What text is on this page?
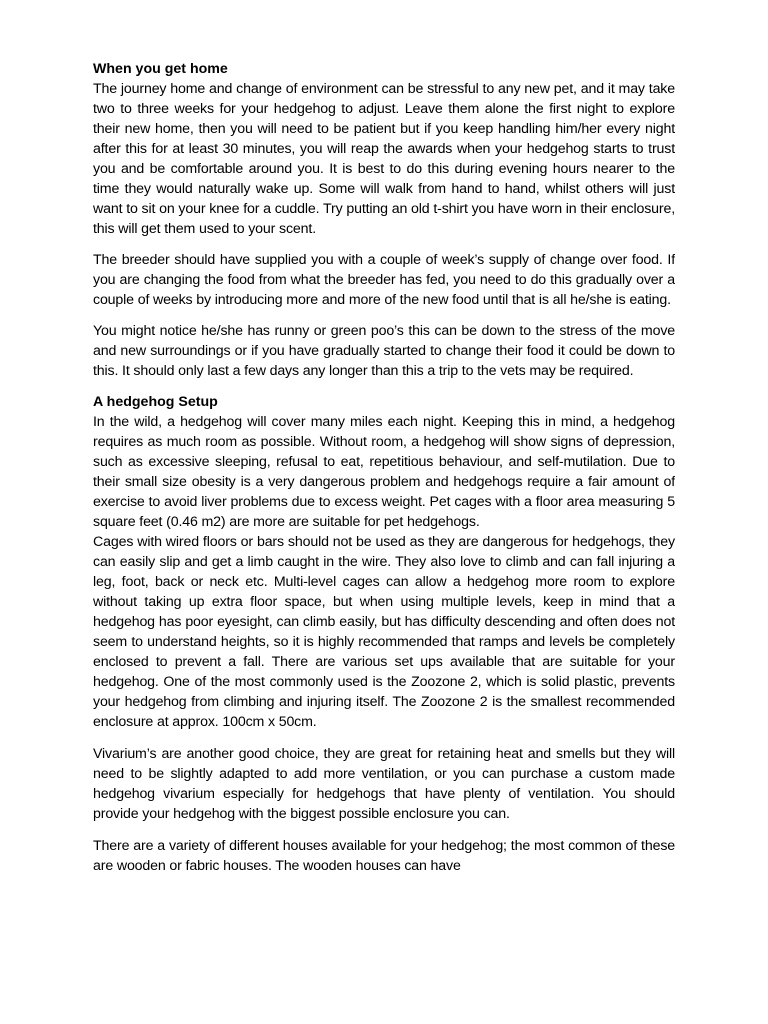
When you get home

The journey home and change of environment can be stressful to any new pet, and it may take two to three weeks for your hedgehog to adjust. Leave them alone the first night to explore their new home, then you will need to be patient but if you keep handling him/her every night after this for at least 30 minutes, you will reap the awards when your hedgehog starts to trust you and be comfortable around you. It is best to do this during evening hours nearer to the time they would naturally wake up. Some will walk from hand to hand, whilst others will just want to sit on your knee for a cuddle. Try putting an old t-shirt you have worn in their enclosure, this will get them used to your scent.

The breeder should have supplied you with a couple of week’s supply of change over food. If you are changing the food from what the breeder has fed, you need to do this gradually over a couple of weeks by introducing more and more of the new food until that is all he/she is eating.

You might notice he/she has runny or green poo’s this can be down to the stress of the move and new surroundings or if you have gradually started to change their food it could be down to this. It should only last a few days any longer than this a trip to the vets may be required.

A hedgehog Setup

In the wild, a hedgehog will cover many miles each night. Keeping this in mind, a hedgehog requires as much room as possible. Without room, a hedgehog will show signs of depression, such as excessive sleeping, refusal to eat, repetitious behaviour, and self-mutilation. Due to their small size obesity is a very dangerous problem and hedgehogs require a fair amount of exercise to avoid liver problems due to excess weight. Pet cages with a floor area measuring 5 square feet (0.46 m2) are more are suitable for pet hedgehogs.

Cages with wired floors or bars should not be used as they are dangerous for hedgehogs, they can easily slip and get a limb caught in the wire. They also love to climb and can fall injuring a leg, foot, back or neck etc. Multi-level cages can allow a hedgehog more room to explore without taking up extra floor space, but when using multiple levels, keep in mind that a hedgehog has poor eyesight, can climb easily, but has difficulty descending and often does not seem to understand heights, so it is highly recommended that ramps and levels be completely enclosed to prevent a fall. There are various set ups available that are suitable for your hedgehog. One of the most commonly used is the Zoozone 2, which is solid plastic, prevents your hedgehog from climbing and injuring itself. The Zoozone 2 is the smallest recommended enclosure at approx. 100cm x 50cm.

Vivarium’s are another good choice, they are great for retaining heat and smells but they will need to be slightly adapted to add more ventilation, or you can purchase a custom made hedgehog vivarium especially for hedgehogs that have plenty of ventilation. You should provide your hedgehog with the biggest possible enclosure you can.

There are a variety of different houses available for your hedgehog; the most common of these are wooden or fabric houses. The wooden houses can have
